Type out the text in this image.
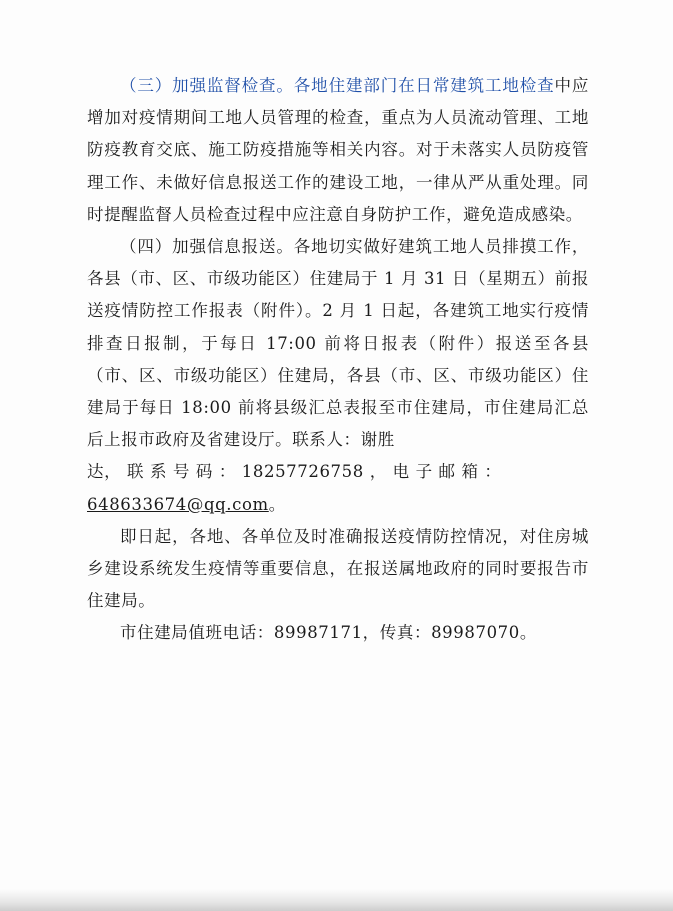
（三）加强监督检查。各地住建部门在日常建筑工地检查中应增加对疫情期间工地人员管理的检查，重点为人员流动管理、工地防疫教育交底、施工防疫措施等相关内容。对于未落实人员防疫管理工作、未做好信息报送工作的建设工地，一律从严从重处理。同时提醒监督人员检查过程中应注意自身防护工作，避免造成感染。

（四）加强信息报送。各地切实做好建筑工地人员排摸工作，各县（市、区、市级功能区）住建局于 1 月 31 日（星期五）前报送疫情防控工作报表（附件）。2 月 1 日起，各建筑工地实行疫情排查日报制，于每日 17:00 前将日报表（附件）报送至各县（市、区、市级功能区）住建局，各县（市、区、市级功能区）住建局于每日 18:00 前将县级汇总表报至市住建局，市住建局汇总后上报市政府及省建设厅。联系人：谢胜
达， 联 系 号 码 ： 18257726758 ， 电 子 邮 箱 ：
648633674@qq.com。

即日起，各地、各单位及时准确报送疫情防控情况，对住房城乡建设系统发生疫情等重要信息，在报送属地政府的同时要报告市住建局。

市住建局值班电话：89987171，传真：89987070。
